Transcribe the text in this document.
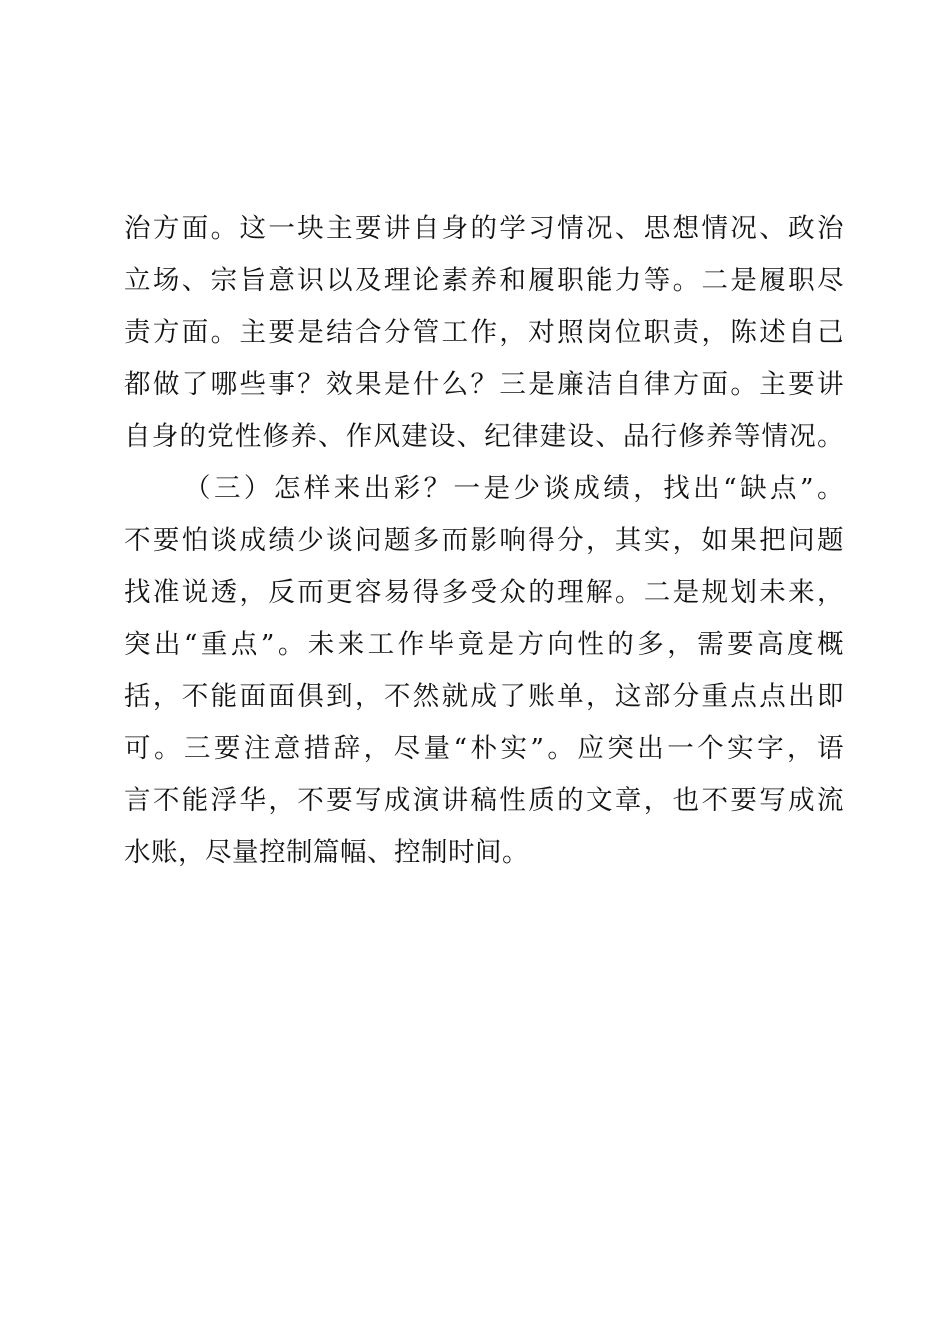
治方面。这一块主要讲自身的学习情况、思想情况、政治
立场、宗旨意识以及理论素养和履职能力等。二是履职尽
责方面。主要是结合分管工作，对照岗位职责，陈述自己
都做了哪些事？效果是什么？三是廉洁自律方面。主要讲
自身的党性修养、作风建设、纪律建设、品行修养等情况。
（三）怎样来出彩？一是少谈成绩，找出“缺点”。
不要怕谈成绩少谈问题多而影响得分，其实，如果把问题
找准说透，反而更容易得多受众的理解。二是规划未来，
突出“重点”。未来工作毕竟是方向性的多，需要高度概
括，不能面面俱到，不然就成了账单，这部分重点点出即
可。三要注意措辞，尽量“朴实”。应突出一个实字，语
言不能浮华，不要写成演讲稿性质的文章，也不要写成流
水账，尽量控制篇幅、控制时间。
